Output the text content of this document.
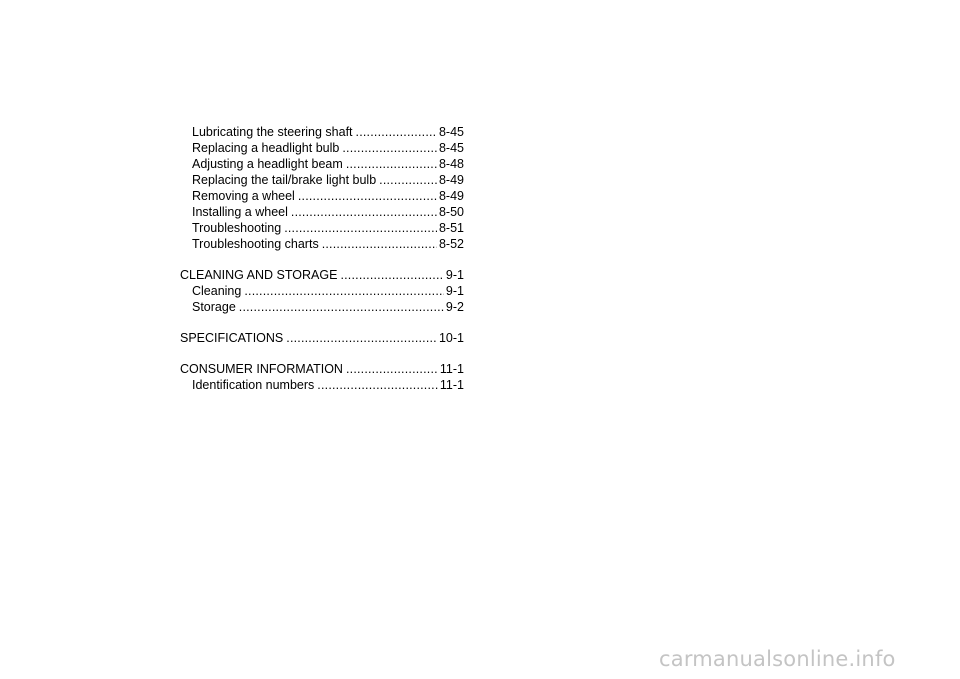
Lubricating the steering shaft .....	8-45
Replacing a headlight bulb .....	8-45
Adjusting a headlight beam .....	8-48
Replacing the tail/brake light bulb .....	8-49
Removing a wheel .....	8-49
Installing a wheel .....	8-50
Troubleshooting .....	8-51
Troubleshooting charts .....	8-52
CLEANING AND STORAGE .....	9-1
Cleaning .....	9-1
Storage .....	9-2
SPECIFICATIONS .....	10-1
CONSUMER INFORMATION .....	11-1
Identification numbers .....	11-1
carmanualsonline.info
